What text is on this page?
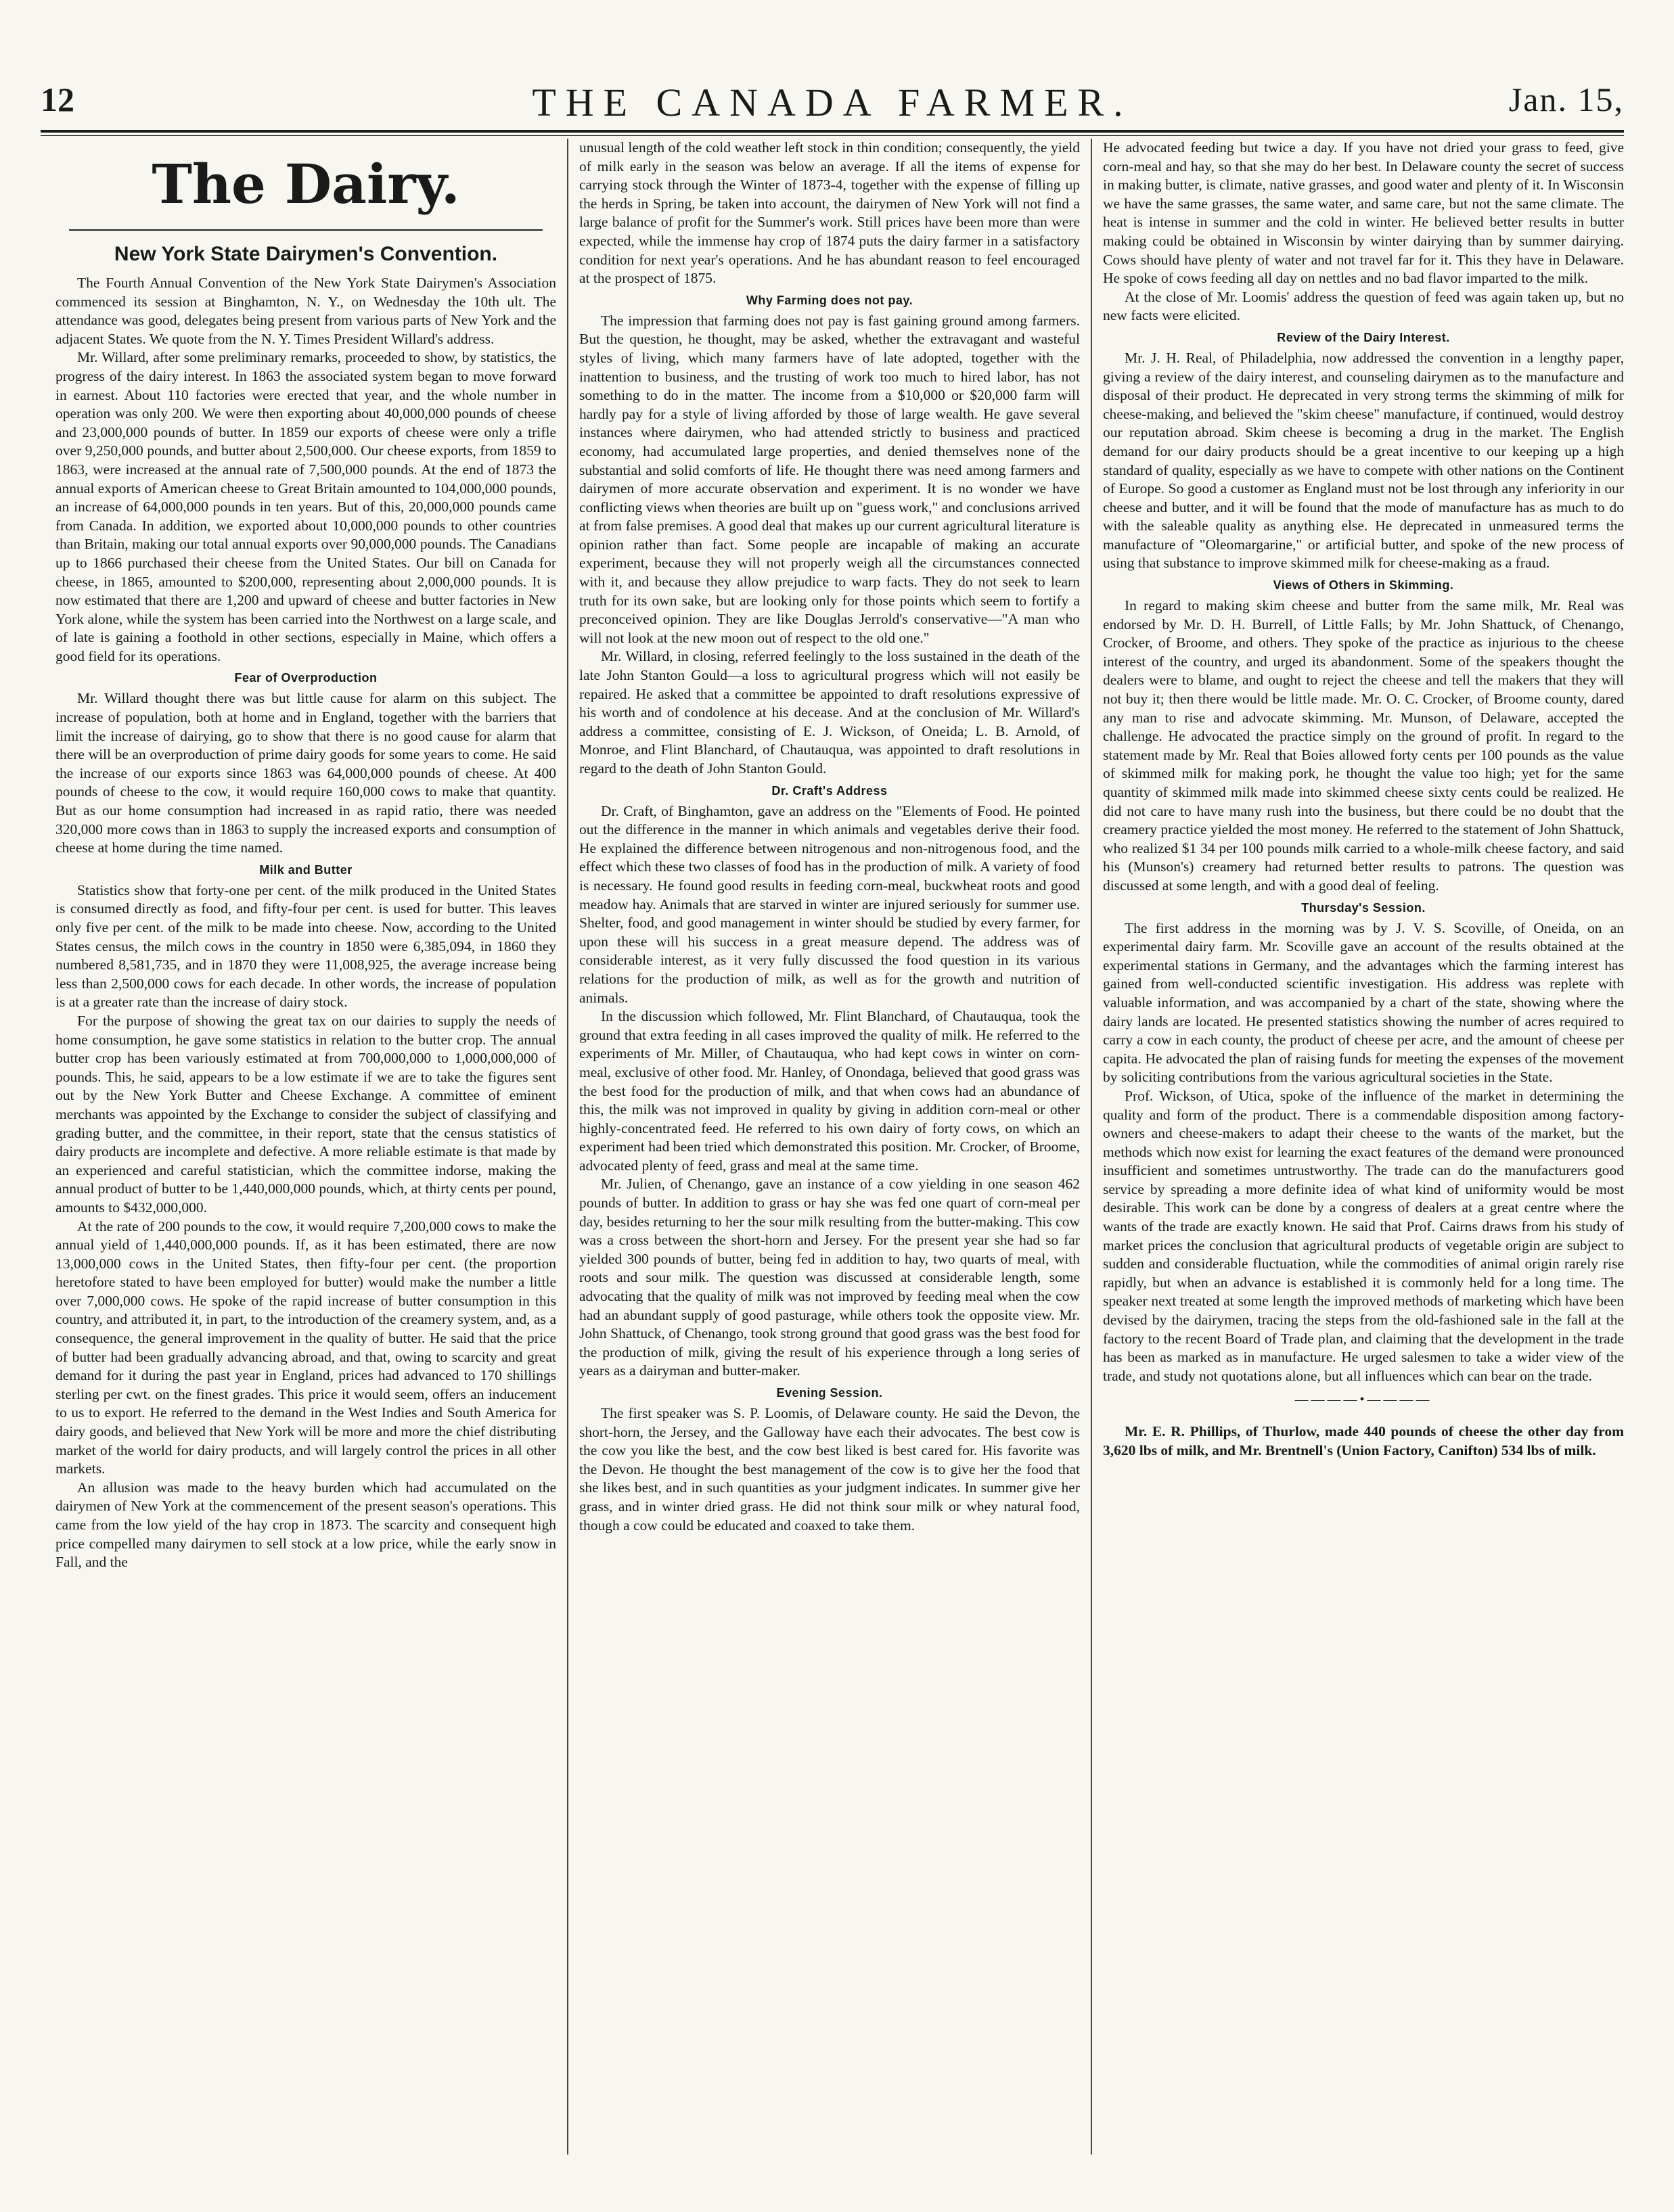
12	THE CANADA FARMER.	Jan. 15,
The Dairy.
New York State Dairymen's Convention.

The Fourth Annual Convention of the New York State Dairymen's Association commenced its session at Binghamton, N. Y., on Wednesday the 10th ult. The attendance was good, delegates being present from various parts of New York and the adjacent States. We quote from the N. Y. Times President Willard's address.

Mr. Willard, after some preliminary remarks, proceeded to show, by statistics, the progress of the dairy interest. In 1863 the associated system began to move forward in earnest. About 110 factories were erected that year, and the whole number in operation was only 200. We were then exporting about 40,000,000 pounds of cheese and 23,000,000 pounds of butter. In 1859 our exports of cheese were only a trifle over 9,250,000 pounds, and butter about 2,500,000. Our cheese exports, from 1859 to 1863, were increased at the annual rate of 7,500,000 pounds. At the end of 1873 the annual exports of American cheese to Great Britain amounted to 104,000,000 pounds, an increase of 64,000,000 pounds in ten years. But of this, 20,000,000 pounds came from Canada. In addition, we exported about 10,000,000 pounds to other countries than Britain, making our total annual exports over 90,000,000 pounds. The Canadians up to 1866 purchased their cheese from the United States. Our bill on Canada for cheese, in 1865, amounted to $200,000, representing about 2,000,000 pounds. It is now estimated that there are 1,200 and upward of cheese and butter factories in New York alone, while the system has been carried into the Northwest on a large scale, and of late is gaining a foothold in other sections, especially in Maine, which offers a good field for its operations.

Fear of Overproduction

Mr. Willard thought there was but little cause for alarm on this subject. The increase of population, both at home and in England, together with the barriers that limit the increase of dairying, go to show that there is no good cause for alarm that there will be an overproduction of prime dairy goods for some years to come. He said the increase of our exports since 1863 was 64,000,000 pounds of cheese. At 400 pounds of cheese to the cow, it would require 160,000 cows to make that quantity. But as our home consumption had increased in as rapid ratio, there was needed 320,000 more cows than in 1863 to supply the increased exports and consumption of cheese at home during the time named.

Milk and Butter

Statistics show that forty-one per cent. of the milk produced in the United States is consumed directly as food, and fifty-four per cent. is used for butter. This leaves only five per cent. of the milk to be made into cheese. Now, according to the United States census, the milch cows in the country in 1850 were 6,385,094, in 1860 they numbered 8,581,735, and in 1870 they were 11,008,925, the average increase being less than 2,500,000 cows for each decade. In other words, the increase of population is at a greater rate than the increase of dairy stock.

For the purpose of showing the great tax on our dairies to supply the needs of home consumption, he gave some statistics in relation to the butter crop. The annual butter crop has been variously estimated at from 700,000,000 to 1,000,000,000 of pounds. This, he said, appears to be a low estimate if we are to take the figures sent out by the New York Butter and Cheese Exchange. A committee of eminent merchants was appointed by the Exchange to consider the subject of classifying and grading butter, and the committee, in their report, state that the census statistics of dairy products are incomplete and defective. A more reliable estimate is that made by an experienced and careful statistician, which the committee indorse, making the annual product of butter to be 1,440,000,000 pounds, which, at thirty cents per pound, amounts to $432,000,000.

At the rate of 200 pounds to the cow, it would require 7,200,000 cows to make the annual yield of 1,440,000,000 pounds. If, as it has been estimated, there are now 13,000,000 cows in the United States, then fifty-four per cent. (the proportion heretofore stated to have been employed for butter) would make the number a little over 7,000,000 cows. He spoke of the rapid increase of butter consumption in this country, and attributed it, in part, to the introduction of the creamery system, and, as a consequence, the general improvement in the quality of butter. He said that the price of butter had been gradually advancing abroad, and that, owing to scarcity and great demand for it during the past year in England, prices had advanced to 170 shillings sterling per cwt. on the finest grades. This price it would seem, offers an inducement to us to export. He referred to the demand in the West Indies and South America for dairy goods, and believed that New York will be more and more the chief distributing market of the world for dairy products, and will largely control the prices in all other markets.

An allusion was made to the heavy burden which had accumulated on the dairymen of New York at the commencement of the present season's operations. This came from the low yield of the hay crop in 1873. The scarcity and consequent high price compelled many dairymen to sell stock at a low price, while the early snow in Fall, and the

unusual length of the cold weather left stock in thin condition; consequently, the yield of milk early in the season was below an average. If all the items of expense for carrying stock through the Winter of 1873-4, together with the expense of filling up the herds in Spring, be taken into account, the dairymen of New York will not find a large balance of profit for the Summer's work. Still prices have been more than were expected, while the immense hay crop of 1874 puts the dairy farmer in a satisfactory condition for next year's operations. And he has abundant reason to feel encouraged at the prospect of 1875.

Why Farming does not pay.

The impression that farming does not pay is fast gaining ground among farmers. But the question, he thought, may be asked, whether the extravagant and wasteful styles of living, which many farmers have of late adopted, together with the inattention to business, and the trusting of work too much to hired labor, has not something to do in the matter. The income from a $10,000 or $20,000 farm will hardly pay for a style of living afforded by those of large wealth. He gave several instances where dairymen, who had attended strictly to business and practiced economy, had accumulated large properties, and denied themselves none of the substantial and solid comforts of life. He thought there was need among farmers and dairymen of more accurate observation and experiment. It is no wonder we have conflicting views when theories are built up on "guess work," and conclusions arrived at from false premises. A good deal that makes up our current agricultural literature is opinion rather than fact. Some people are incapable of making an accurate experiment, because they will not properly weigh all the circumstances connected with it, and because they allow prejudice to warp facts. They do not seek to learn truth for its own sake, but are looking only for those points which seem to fortify a preconceived opinion. They are like Douglas Jerrold's conservative—"A man who will not look at the new moon out of respect to the old one."

Mr. Willard, in closing, referred feelingly to the loss sustained in the death of the late John Stanton Gould—a loss to agricultural progress which will not easily be repaired. He asked that a committee be appointed to draft resolutions expressive of his worth and of condolence at his decease. And at the conclusion of Mr. Willard's address a committee, consisting of E. J. Wickson, of Oneida; L. B. Arnold, of Monroe, and Flint Blanchard, of Chautauqua, was appointed to draft resolutions in regard to the death of John Stanton Gould.

Dr. Craft's Address

Dr. Craft, of Binghamton, gave an address on the "Elements of Food. He pointed out the difference in the manner in which animals and vegetables derive their food. He explained the difference between nitrogenous and non-nitrogenous food, and the effect which these two classes of food has in the production of milk. A variety of food is necessary. He found good results in feeding corn-meal, buckwheat roots and good meadow hay. Animals that are starved in winter are injured seriously for summer use. Shelter, food, and good management in winter should be studied by every farmer, for upon these will his success in a great measure depend. The address was of considerable interest, as it very fully discussed the food question in its various relations for the production of milk, as well as for the growth and nutrition of animals.

In the discussion which followed, Mr. Flint Blanchard, of Chautauqua, took the ground that extra feeding in all cases improved the quality of milk. He referred to the experiments of Mr. Miller, of Chautauqua, who had kept cows in winter on corn-meal, exclusive of other food. Mr. Hanley, of Onondaga, believed that good grass was the best food for the production of milk, and that when cows had an abundance of this, the milk was not improved in quality by giving in addition corn-meal or other highly-concentrated feed. He referred to his own dairy of forty cows, on which an experiment had been tried which demonstrated this position. Mr. Crocker, of Broome, advocated plenty of feed, grass and meal at the same time.

Mr. Julien, of Chenango, gave an instance of a cow yielding in one season 462 pounds of butter. In addition to grass or hay she was fed one quart of corn-meal per day, besides returning to her the sour milk resulting from the butter-making. This cow was a cross between the short-horn and Jersey. For the present year she had so far yielded 300 pounds of butter, being fed in addition to hay, two quarts of meal, with roots and sour milk. The question was discussed at considerable length, some advocating that the quality of milk was not improved by feeding meal when the cow had an abundant supply of good pasturage, while others took the opposite view. Mr. John Shattuck, of Chenango, took strong ground that good grass was the best food for the production of milk, giving the result of his experience through a long series of years as a dairyman and butter-maker.

Evening Session.

The first speaker was S. P. Loomis, of Delaware county. He said the Devon, the short-horn, the Jersey, and the Galloway have each their advocates. The best cow is the cow you like the best, and the cow best liked is best cared for. His favorite was the Devon. He thought the best management of the cow is to give her the food that she likes best, and in such quantities as your judgment indicates. In summer give her grass, and in winter dried grass. He did not think sour milk or whey natural food, though a cow could be educated and coaxed to take them.

He advocated feeding but twice a day. If you have not dried your grass to feed, give corn-meal and hay, so that she may do her best. In Delaware county the secret of success in making butter, is climate, native grasses, and good water and plenty of it. In Wisconsin we have the same grasses, the same water, and same care, but not the same climate. The heat is intense in summer and the cold in winter. He believed better results in butter making could be obtained in Wisconsin by winter dairying than by summer dairying. Cows should have plenty of water and not travel far for it. This they have in Delaware. He spoke of cows feeding all day on nettles and no bad flavor imparted to the milk.

At the close of Mr. Loomis' address the question of feed was again taken up, but no new facts were elicited.

Review of the Dairy Interest.

Mr. J. H. Real, of Philadelphia, now addressed the convention in a lengthy paper, giving a review of the dairy interest, and counseling dairymen as to the manufacture and disposal of their product. He deprecated in very strong terms the skimming of milk for cheese-making, and believed the "skim cheese" manufacture, if continued, would destroy our reputation abroad. Skim cheese is becoming a drug in the market. The English demand for our dairy products should be a great incentive to our keeping up a high standard of quality, especially as we have to compete with other nations on the Continent of Europe. So good a customer as England must not be lost through any inferiority in our cheese and butter, and it will be found that the mode of manufacture has as much to do with the saleable quality as anything else. He deprecated in unmeasured terms the manufacture of "Oleomargarine," or artificial butter, and spoke of the new process of using that substance to improve skimmed milk for cheese-making as a fraud.

Views of Others in Skimming.

In regard to making skim cheese and butter from the same milk, Mr. Real was endorsed by Mr. D. H. Burrell, of Little Falls; by Mr. John Shattuck, of Chenango, Crocker, of Broome, and others. They spoke of the practice as injurious to the cheese interest of the country, and urged its abandonment. Some of the speakers thought the dealers were to blame, and ought to reject the cheese and tell the makers that they will not buy it; then there would be little made. Mr. O. C. Crocker, of Broome county, dared any man to rise and advocate skimming. Mr. Munson, of Delaware, accepted the challenge. He advocated the practice simply on the ground of profit. In regard to the statement made by Mr. Real that Boies allowed forty cents per 100 pounds as the value of skimmed milk for making pork, he thought the value too high; yet for the same quantity of skimmed milk made into skimmed cheese sixty cents could be realized. He did not care to have many rush into the business, but there could be no doubt that the creamery practice yielded the most money. He referred to the statement of John Shattuck, who realized $1 34 per 100 pounds milk carried to a whole-milk cheese factory, and said his (Munson's) creamery had returned better results to patrons. The question was discussed at some length, and with a good deal of feeling.

Thursday's Session.

The first address in the morning was by J. V. S. Scoville, of Oneida, on an experimental dairy farm. Mr. Scoville gave an account of the results obtained at the experimental stations in Germany, and the advantages which the farming interest has gained from well-conducted scientific investigation. His address was replete with valuable information, and was accompanied by a chart of the state, showing where the dairy lands are located. He presented statistics showing the number of acres required to carry a cow in each county, the product of cheese per acre, and the amount of cheese per capita. He advocated the plan of raising funds for meeting the expenses of the movement by soliciting contributions from the various agricultural societies in the State.

Prof. Wickson, of Utica, spoke of the influence of the market in determining the quality and form of the product. There is a commendable disposition among factory-owners and cheese-makers to adapt their cheese to the wants of the market, but the methods which now exist for learning the exact features of the demand were pronounced insufficient and sometimes untrustworthy. The trade can do the manufacturers good service by spreading a more definite idea of what kind of uniformity would be most desirable. This work can be done by a congress of dealers at a great centre where the wants of the trade are exactly known. He said that Prof. Cairns draws from his study of market prices the conclusion that agricultural products of vegetable origin are subject to sudden and considerable fluctuation, while the commodities of animal origin rarely rise rapidly, but when an advance is established it is commonly held for a long time. The speaker next treated at some length the improved methods of marketing which have been devised by the dairymen, tracing the steps from the old-fashioned sale in the fall at the factory to the recent Board of Trade plan, and claiming that the development in the trade has been as marked as in manufacture. He urged salesmen to take a wider view of the trade, and study not quotations alone, but all influences which can bear on the trade.

————•————

Mr. E. R. Phillips, of Thurlow, made 440 pounds of cheese the other day from 3,620 lbs of milk, and Mr. Brentnell's (Union Factory, Canifton) 534 lbs of milk.
